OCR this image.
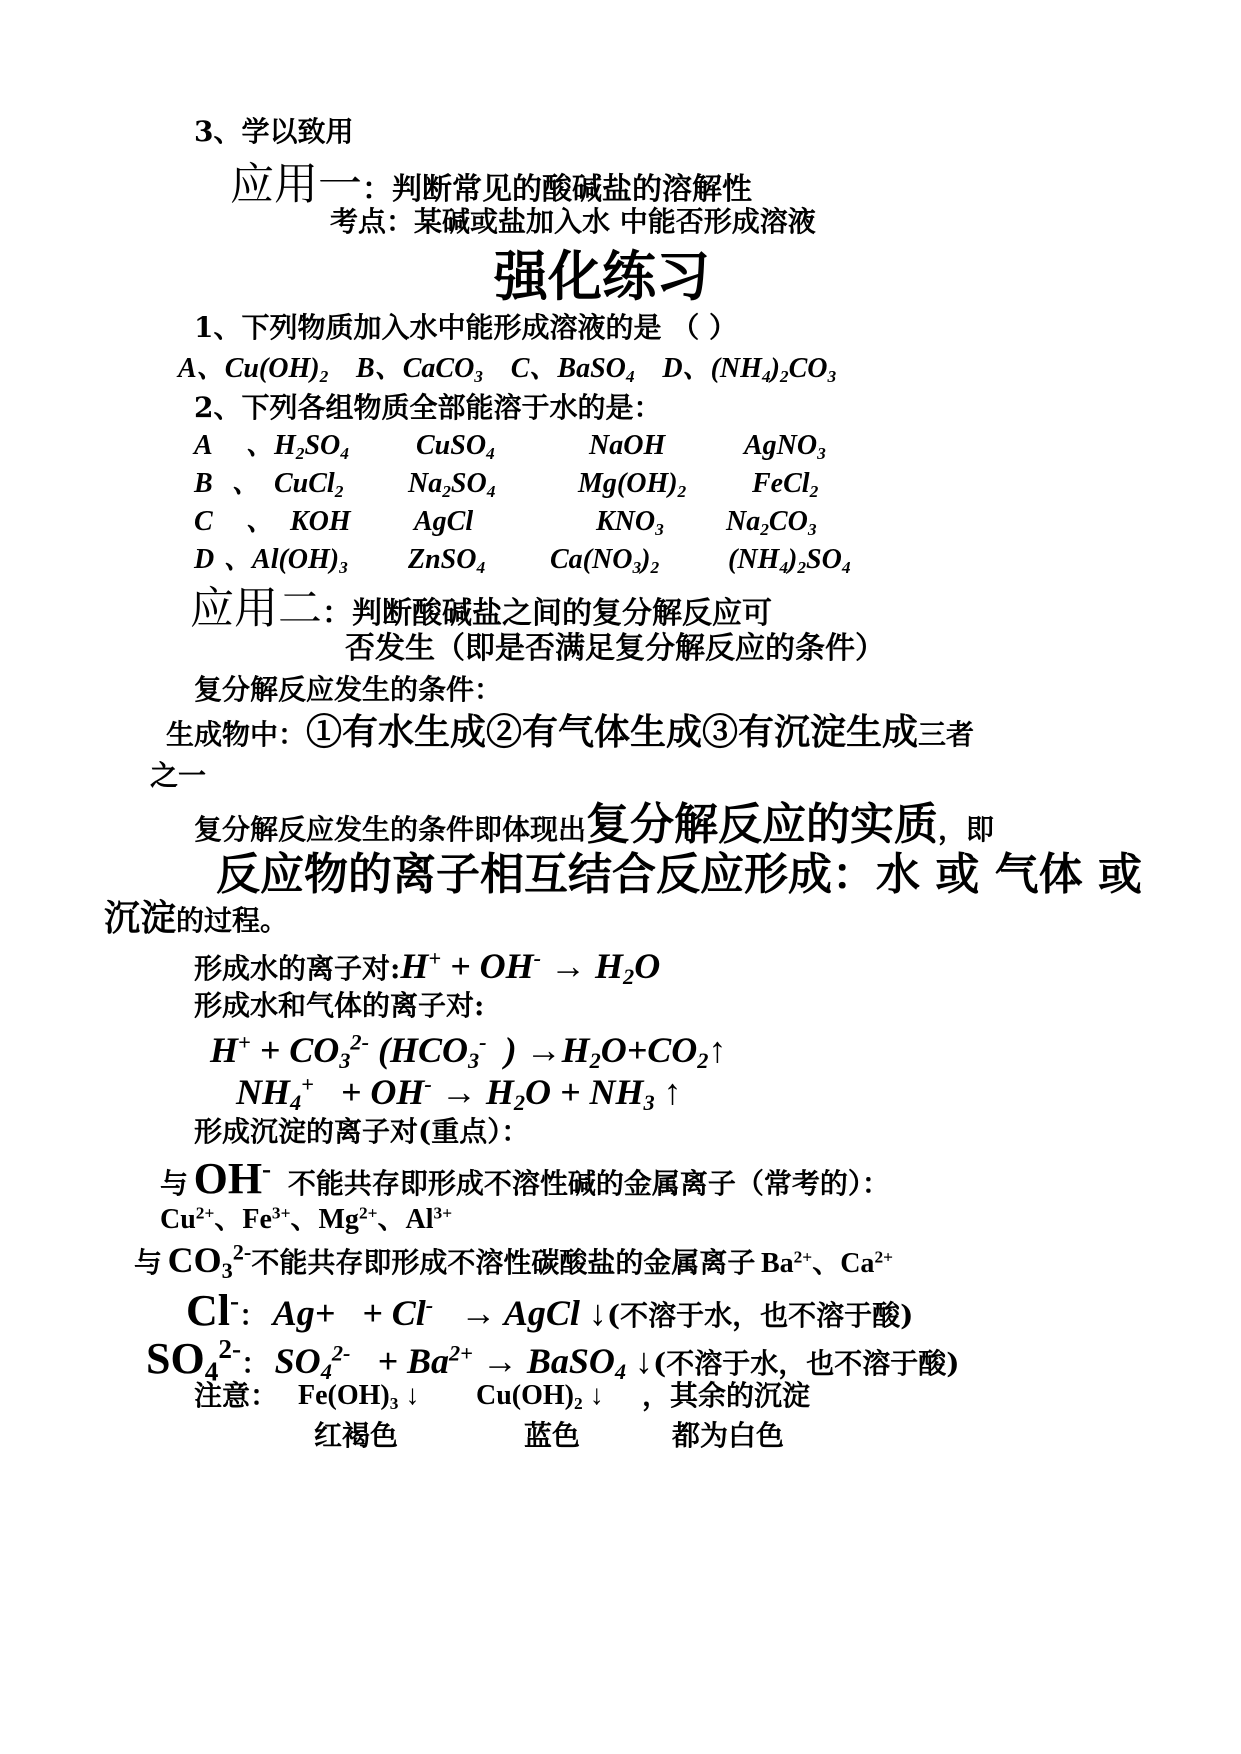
3、学以致用
应用一：判断常见的酸碱盐的溶解性
考点：某碱或盐加入水 中能否形成溶液
强化练习
1、下列物质加入水中能形成溶液的是 （ ）
A、$Cu(OH)_2$ B、CaCO$_3$ C、BaSO$_4$ D、$(NH_4)_2CO_3$
2、下列各组物质全部能溶于水的是：
A 、$H_2SO_4$ CuSO$_4$	NaOH	AgNO$_3$
B 、 CuCl$_2$ $Na_2SO_4$	$Mg(OH)_2$ FeCl$_2$
C 、 KOH AgCl	$KNO_3$ $Na_2CO_3$
D 、$Al(OH)_3$ ZnSO$_4$ $Ca(NO_3)_2$ $(NH_4)_2SO_4$
应用二：判断酸碱盐之间的复分解反应可
否发生（即是否满足复分解反应的条件）
复分解反应发生的条件：
生成物中：①有水生成②有气体生成③有沉淀生成三者
之一
复分解反应发生的条件即体现出复分解反应的实质，即
反应物的离子相互结合反应形成：水 或 气体 或
沉淀的过程。
形成水的离子对:H+ + $OH^- \to H_2O$
形成水和气体的离子对:
$H^+ + CO_3^{2-}$ ($HCO_3^-$  ) $\to H_2O+CO_2↑$
$NH_4^+ + OH^- \to H_2O + NH_3$ ↑
形成沉淀的离子对(重点）：
与 OH- 不能共存即形成不溶性碱的金属离子（常考的）：
$Cu^{2+}$、$Fe^{3+}$、$Mg^{2+}$、$Al^{3+}$
与 $CO_3^{2-}$不能共存即形成不溶性碳酸盐的金属离子 $Ba^{2+}$、$Ca^{2+}$
Cl-： Ag+   + Cl-   → AgCl ↓(不溶于水，也不溶于酸)
$SO_4^{2-}$： $SO_4^{2-} + Ba^{2+}$ → BaSO$_4$ ↓(不溶于水，也不溶于酸)
注意： $Fe(OH)_3$ ↓ $Cu(OH)_2$ ↓ ，其余的沉淀
红褐色	蓝色	都为白色
